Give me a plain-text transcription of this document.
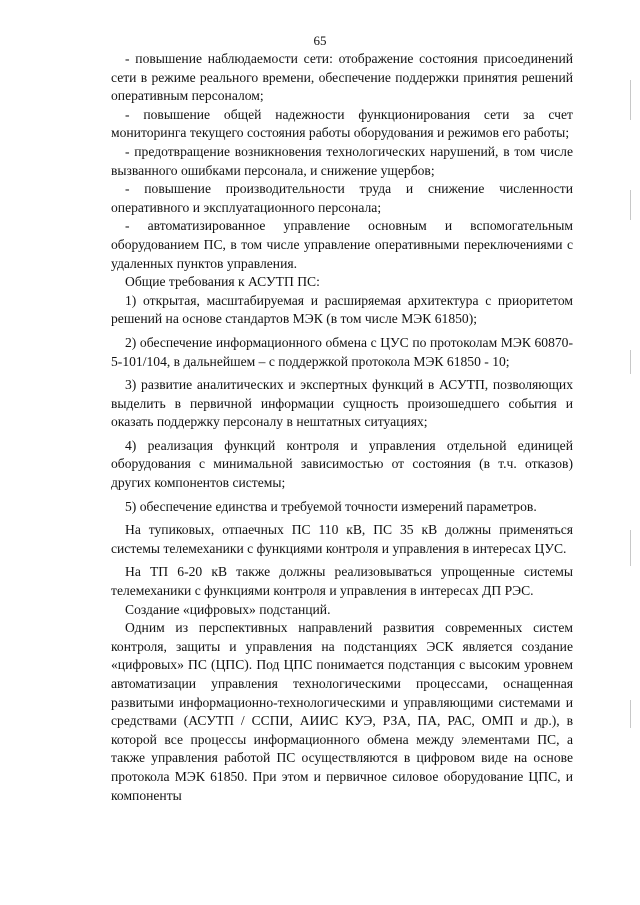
65

- повышение наблюдаемости сети: отображение состояния присоединений сети в режиме реального времени, обеспечение поддержки принятия решений оперативным персоналом;

- повышение общей надежности функционирования сети за счет мониторинга текущего состояния работы оборудования и режимов его работы;

- предотвращение возникновения технологических нарушений, в том числе вызванного ошибками персонала, и снижение ущербов;

- повышение производительности труда и снижение численности оперативного и эксплуатационного персонала;

- автоматизированное управление основным и вспомогательным оборудованием ПС, в том числе управление оперативными переключениями с удаленных пунктов управления.

Общие требования к АСУТП ПС:

1) открытая, масштабируемая и расширяемая архитектура с приоритетом решений на основе стандартов МЭК (в том числе МЭК 61850);

2) обеспечение информационного обмена с ЦУС по протоколам МЭК 60870-5-101/104, в дальнейшем – с поддержкой протокола МЭК 61850 - 10;

3) развитие аналитических и экспертных функций в АСУТП, позволяющих выделить в первичной информации сущность произошедшего события и оказать поддержку персоналу в нештатных ситуациях;

4) реализация функций контроля и управления отдельной единицей оборудования с минимальной зависимостью от состояния (в т.ч. отказов) других компонентов системы;

5) обеспечение единства и требуемой точности измерений параметров.

На тупиковых, отпаечных ПС 110 кВ, ПС 35 кВ должны применяться системы телемеханики с функциями контроля и управления в интересах ЦУС.

На ТП 6-20 кВ также должны реализовываться упрощенные системы телемеханики с функциями контроля и управления в интересах ДП РЭС.

Создание «цифровых» подстанций.

Одним из перспективных направлений развития современных систем контроля, защиты и управления на подстанциях ЭСК является создание «цифровых» ПС (ЦПС). Под ЦПС понимается подстанция с высоким уровнем автоматизации управления технологическими процессами, оснащенная развитыми информационно-технологическими и управляющими системами и средствами (АСУТП / ССПИ, АИИС КУЭ, РЗА, ПА, РАС, ОМП и др.), в которой все процессы информационного обмена между элементами ПС, а также управления работой ПС осуществляются в цифровом виде на основе протокола МЭК 61850. При этом и первичное силовое оборудование ЦПС, и компоненты
